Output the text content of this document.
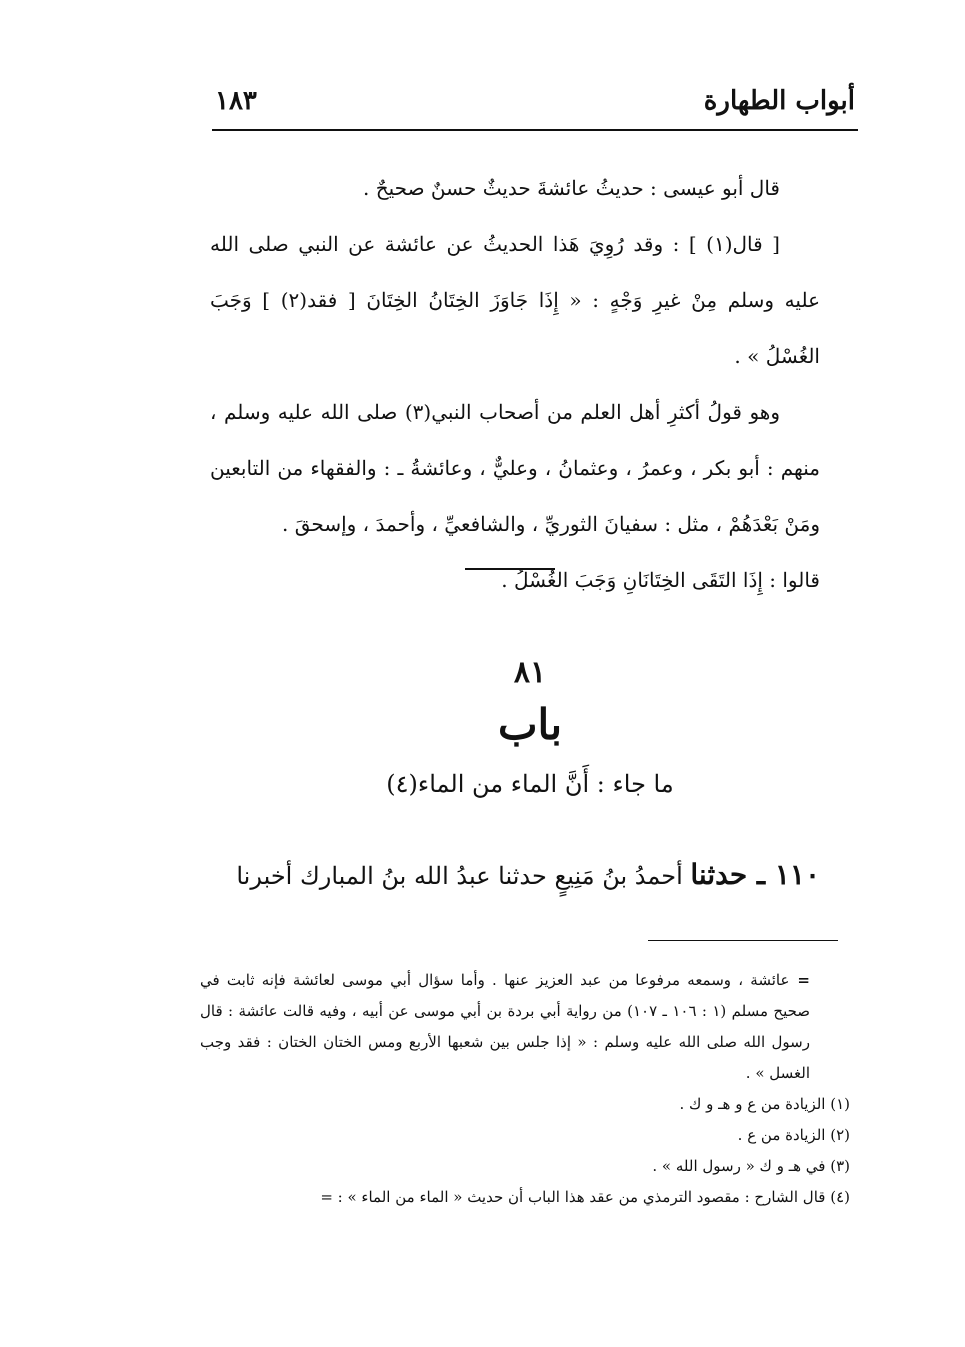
أبواب الطهارة
١٨٣

قال أبو عيسى : حديثُ عائشةَ حديثٌ حسنٌ صحيحٌ .

[ قال(١) ] : وقد رُوِيَ هَذا الحديثُ عن عائشة عن النبي صلى الله عليه وسلم مِنْ غيرِ وَجْهٍ : « إِذَا جَاوَزَ الخِتَانُ الخِتَانَ [ فقد(٢) ] وَجَبَ الغُسْلُ » .

وهو قولُ أكثرِ أهل العلم من أصحاب النبي(٣) صلى الله عليه وسلم ، منهم : أبو بكر ، وعمرُ ، وعثمانُ ، وعليٌّ ، وعائشةُ ـ : والفقهاء من التابعين ومَنْ بَعْدَهُمْ ، مثل : سفيانَ الثوريِّ ، والشافعيِّ ، وأحمدَ ، وإسحقَ .

قالوا : إِذَا التَقَى الخِتَانَانِ وَجَبَ الغُسْلُ .

٨١
باب
ما جاء : أَنَّ الماء من الماء(٤)
١١٠ ـ حدثنا أحمدُ بنُ مَنِيعٍ حدثنا عبدُ الله بنُ المبارك أخبرنا

=عائشة ، وسمعه مرفوعا من عبد العزيز عنها . وأما سؤال أبي موسى لعائشة فإنه ثابت في صحيح مسلم (١ : ١٠٦ ـ ١٠٧) من رواية أبي بردة بن أبي موسى عن أبيه ، وفيه قالت عائشة : قال رسول الله صلى الله عليه وسلم : « إذا جلس بين شعبها الأربع ومس الختان الختان : فقد وجب الغسل » .

(١) الزيادة من ع و هـ و ك .

(٢) الزيادة من ع .

(٣) في هـ و ك « رسول الله » .

(٤) قال الشارح : مقصود الترمذي من عقد هذا الباب أن حديث « الماء من الماء » : =
